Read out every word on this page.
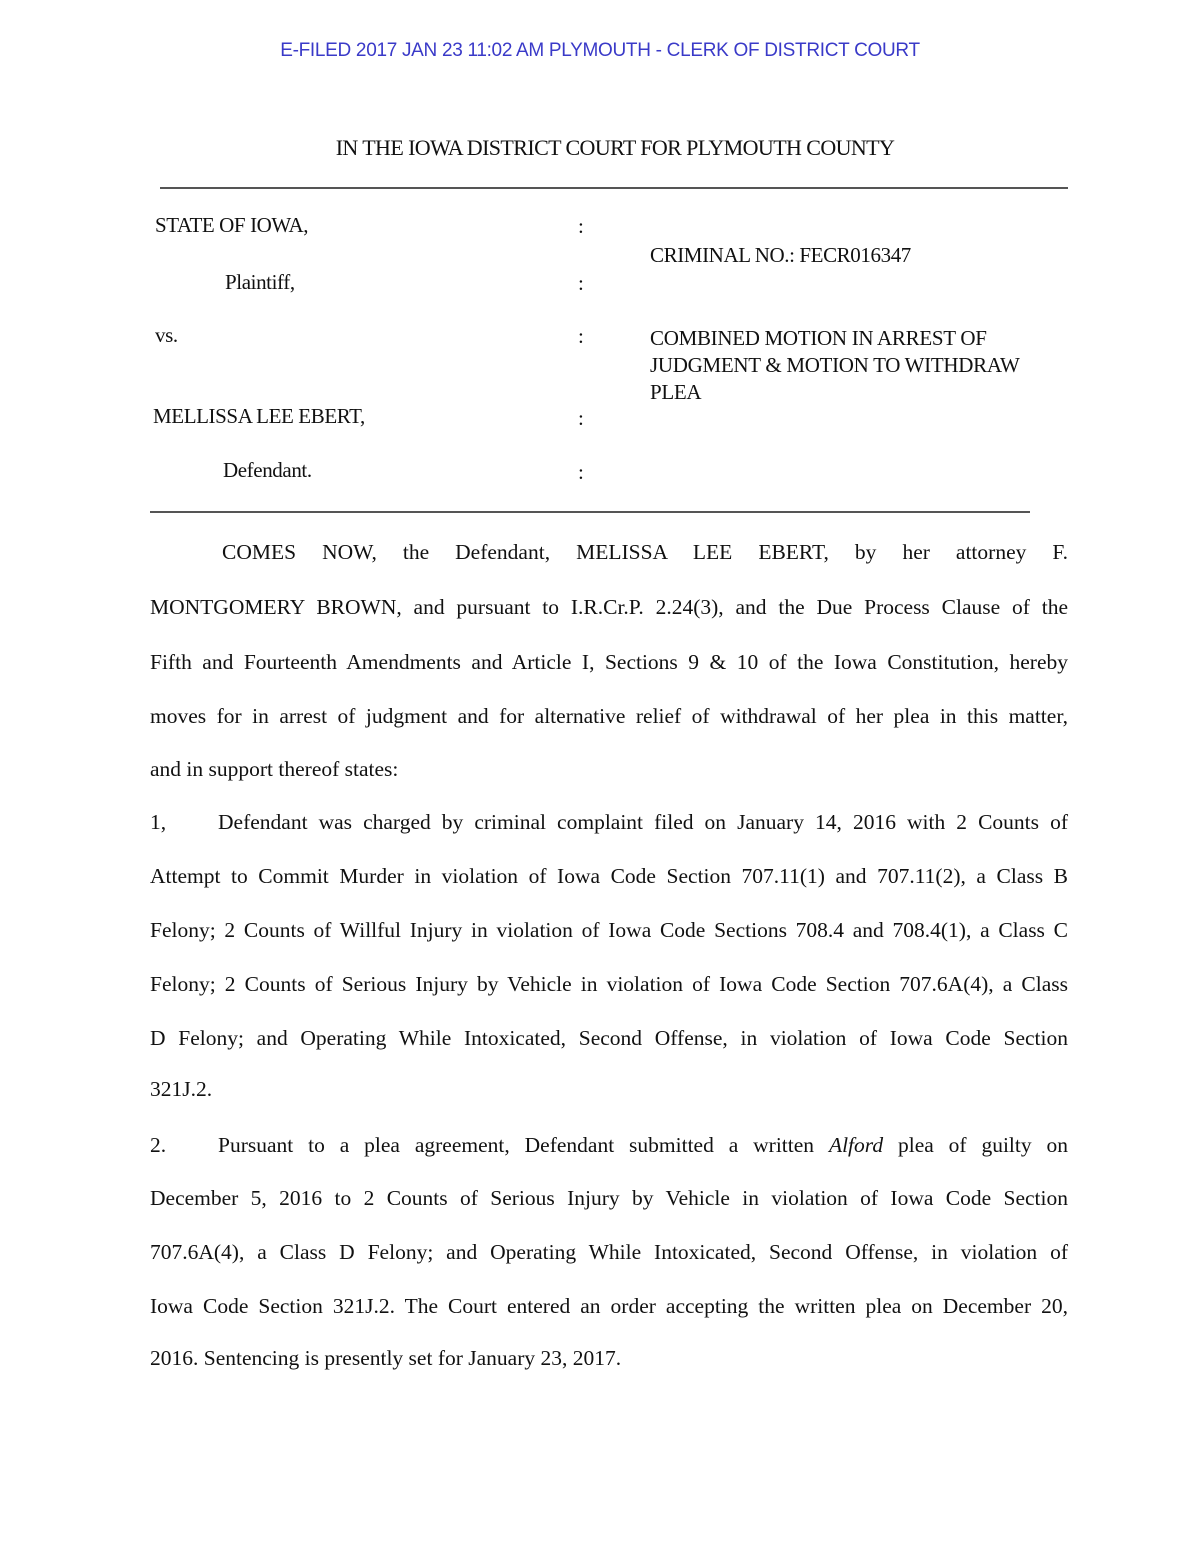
E-FILED 2017 JAN 23 11:02 AM PLYMOUTH - CLERK OF DISTRICT COURT
IN THE IOWA DISTRICT COURT FOR PLYMOUTH COUNTY
STATE OF IOWA,
Plaintiff,
vs.
MELLISSA LEE EBERT,
Defendant.
:
:
:
:
:
CRIMINAL NO.: FECR016347
COMBINED MOTION IN ARREST OF
JUDGMENT & MOTION TO WITHDRAW
PLEA
COMES NOW, the Defendant, MELISSA LEE EBERT, by her attorney F.
MONTGOMERY BROWN, and pursuant to I.R.Cr.P. 2.24(3), and the Due Process Clause of the
Fifth and Fourteenth Amendments and Article I, Sections 9 & 10 of the Iowa Constitution, hereby
moves for in arrest of judgment and for alternative relief of withdrawal of her plea in this matter,
and in support thereof states:
1, Defendant was charged by criminal complaint filed on January 14, 2016 with 2 Counts of
Attempt to Commit Murder in violation of Iowa Code Section 707.11(1) and 707.11(2), a Class B
Felony; 2 Counts of Willful Injury in violation of Iowa Code Sections 708.4 and 708.4(1), a Class C
Felony; 2 Counts of Serious Injury by Vehicle in violation of Iowa Code Section 707.6A(4), a Class
D Felony; and Operating While Intoxicated, Second Offense, in violation of Iowa Code Section
321J.2.
2. Pursuant to a plea agreement, Defendant submitted a written Alford plea of guilty on
December 5, 2016 to 2 Counts of Serious Injury by Vehicle in violation of Iowa Code Section
707.6A(4), a Class D Felony; and Operating While Intoxicated, Second Offense, in violation of
Iowa Code Section 321J.2. The Court entered an order accepting the written plea on December 20,
2016. Sentencing is presently set for January 23, 2017.
